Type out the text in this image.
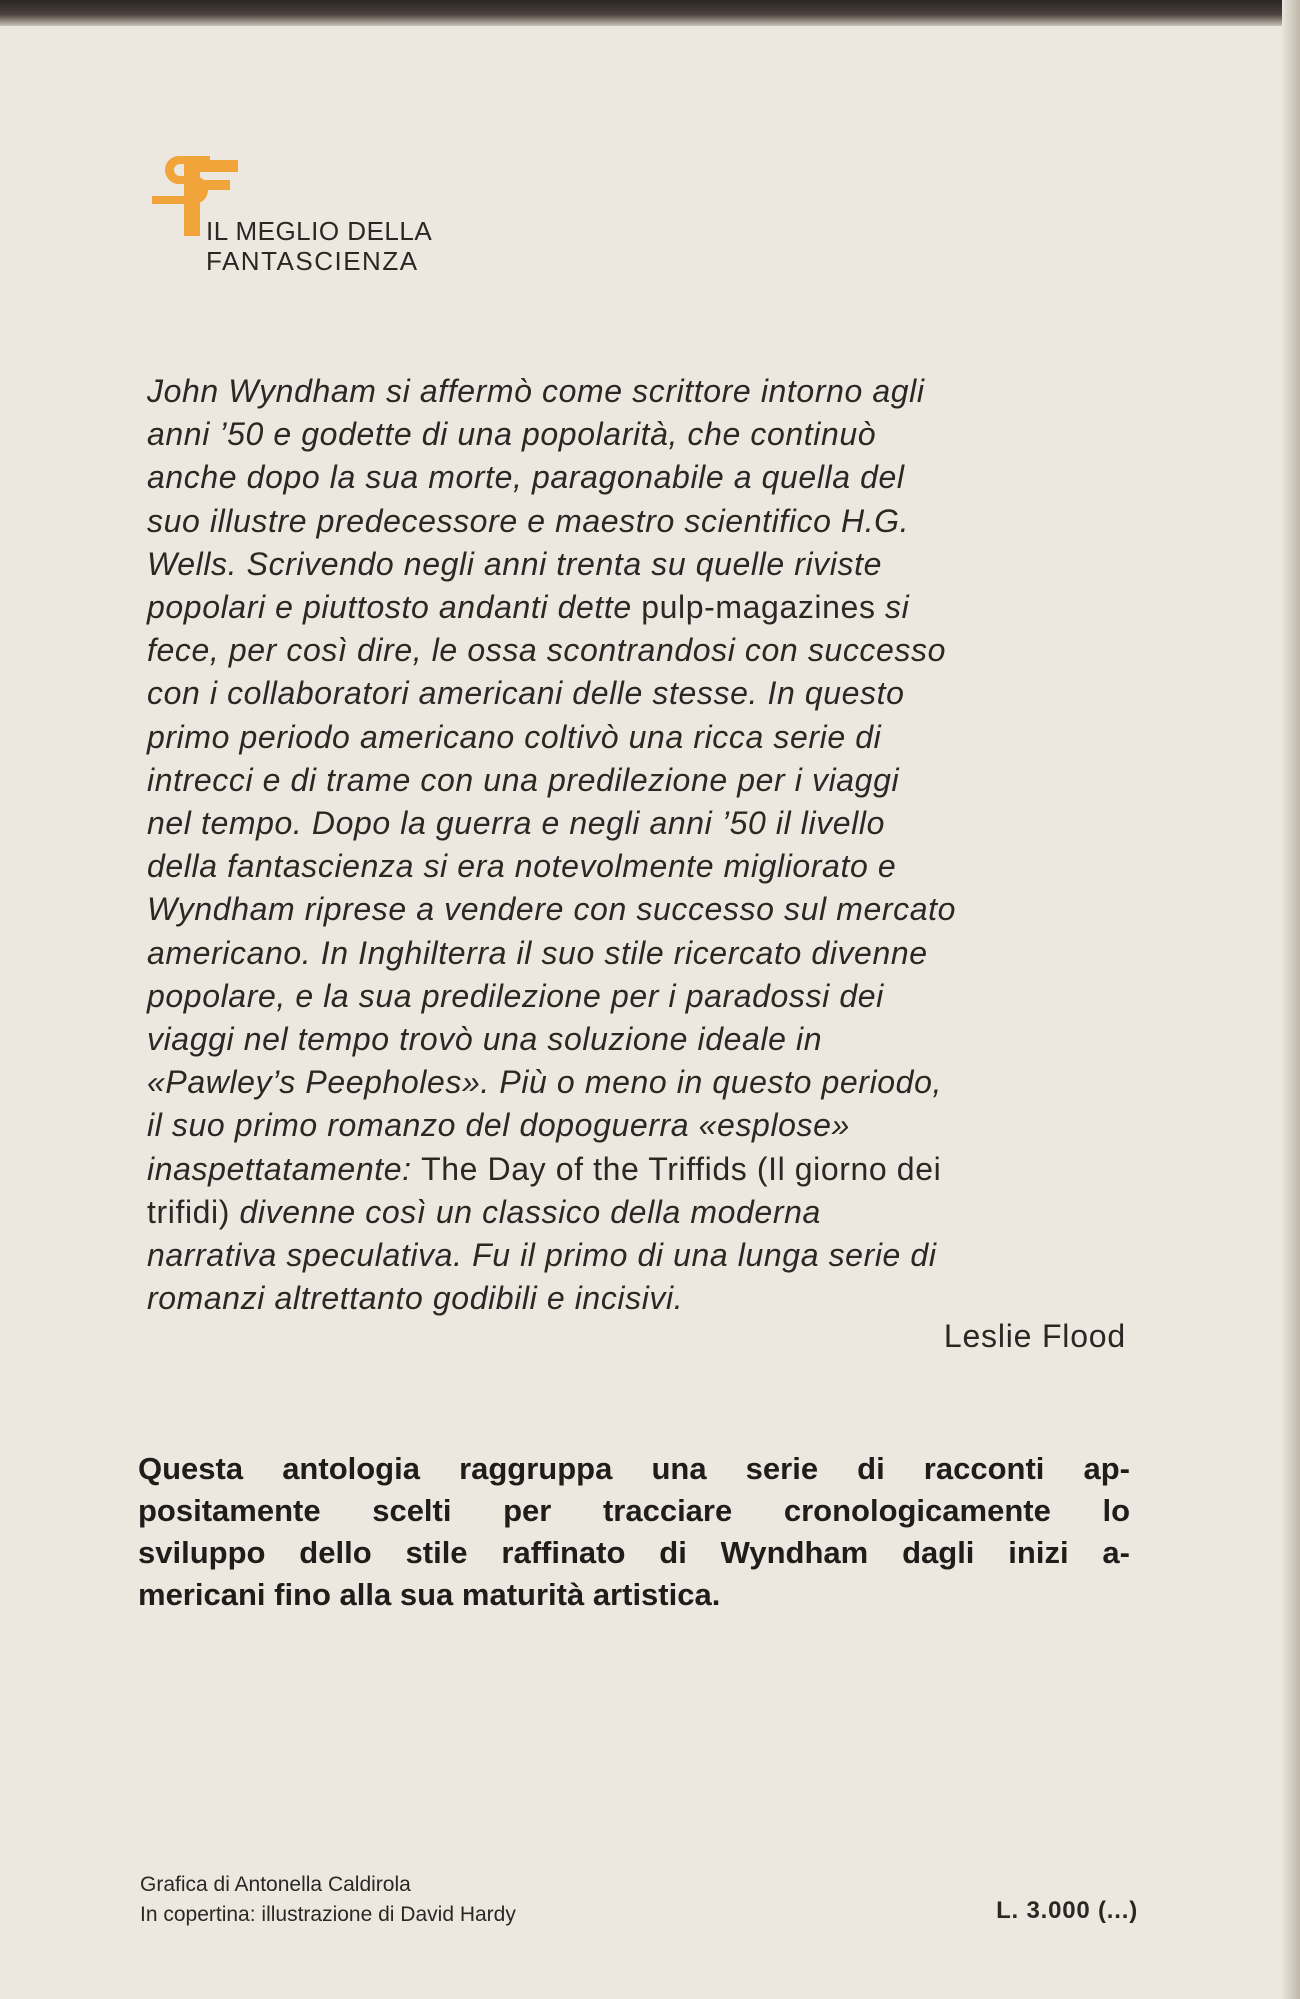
IL MEGLIO DELLA
FANTASCIENZA
John Wyndham si affermò come scrittore intorno agli
anni ’50 e godette di una popolarità, che continuò
anche dopo la sua morte, paragonabile a quella del
suo illustre predecessore e maestro scientifico H.G.
Wells. Scrivendo negli anni trenta su quelle riviste
popolari e piuttosto andanti dette pulp-magazines si
fece, per così dire, le ossa scontrandosi con successo
con i collaboratori americani delle stesse. In questo
primo periodo americano coltivò una ricca serie di
intrecci e di trame con una predilezione per i viaggi
nel tempo. Dopo la guerra e negli anni ’50 il livello
della fantascienza si era notevolmente migliorato e
Wyndham riprese a vendere con successo sul mercato
americano. In Inghilterra il suo stile ricercato divenne
popolare, e la sua predilezione per i paradossi dei
viaggi nel tempo trovò una soluzione ideale in
«Pawley’s Peepholes». Più o meno in questo periodo,
il suo primo romanzo del dopoguerra «esplose»
inaspettatamente: The Day of the Triffids (Il giorno dei
trifidi) divenne così un classico della moderna
narrativa speculativa. Fu il primo di una lunga serie di
romanzi altrettanto godibili e incisivi.
Leslie Flood
Questa antologia raggruppa una serie di racconti ap-
positamente scelti per tracciare cronologicamente lo
sviluppo dello stile raffinato di Wyndham dagli inizi a-
mericani fino alla sua maturità artistica.
Grafica di Antonella Caldirola
In copertina: illustrazione di David Hardy	L. 3.000 (...)
